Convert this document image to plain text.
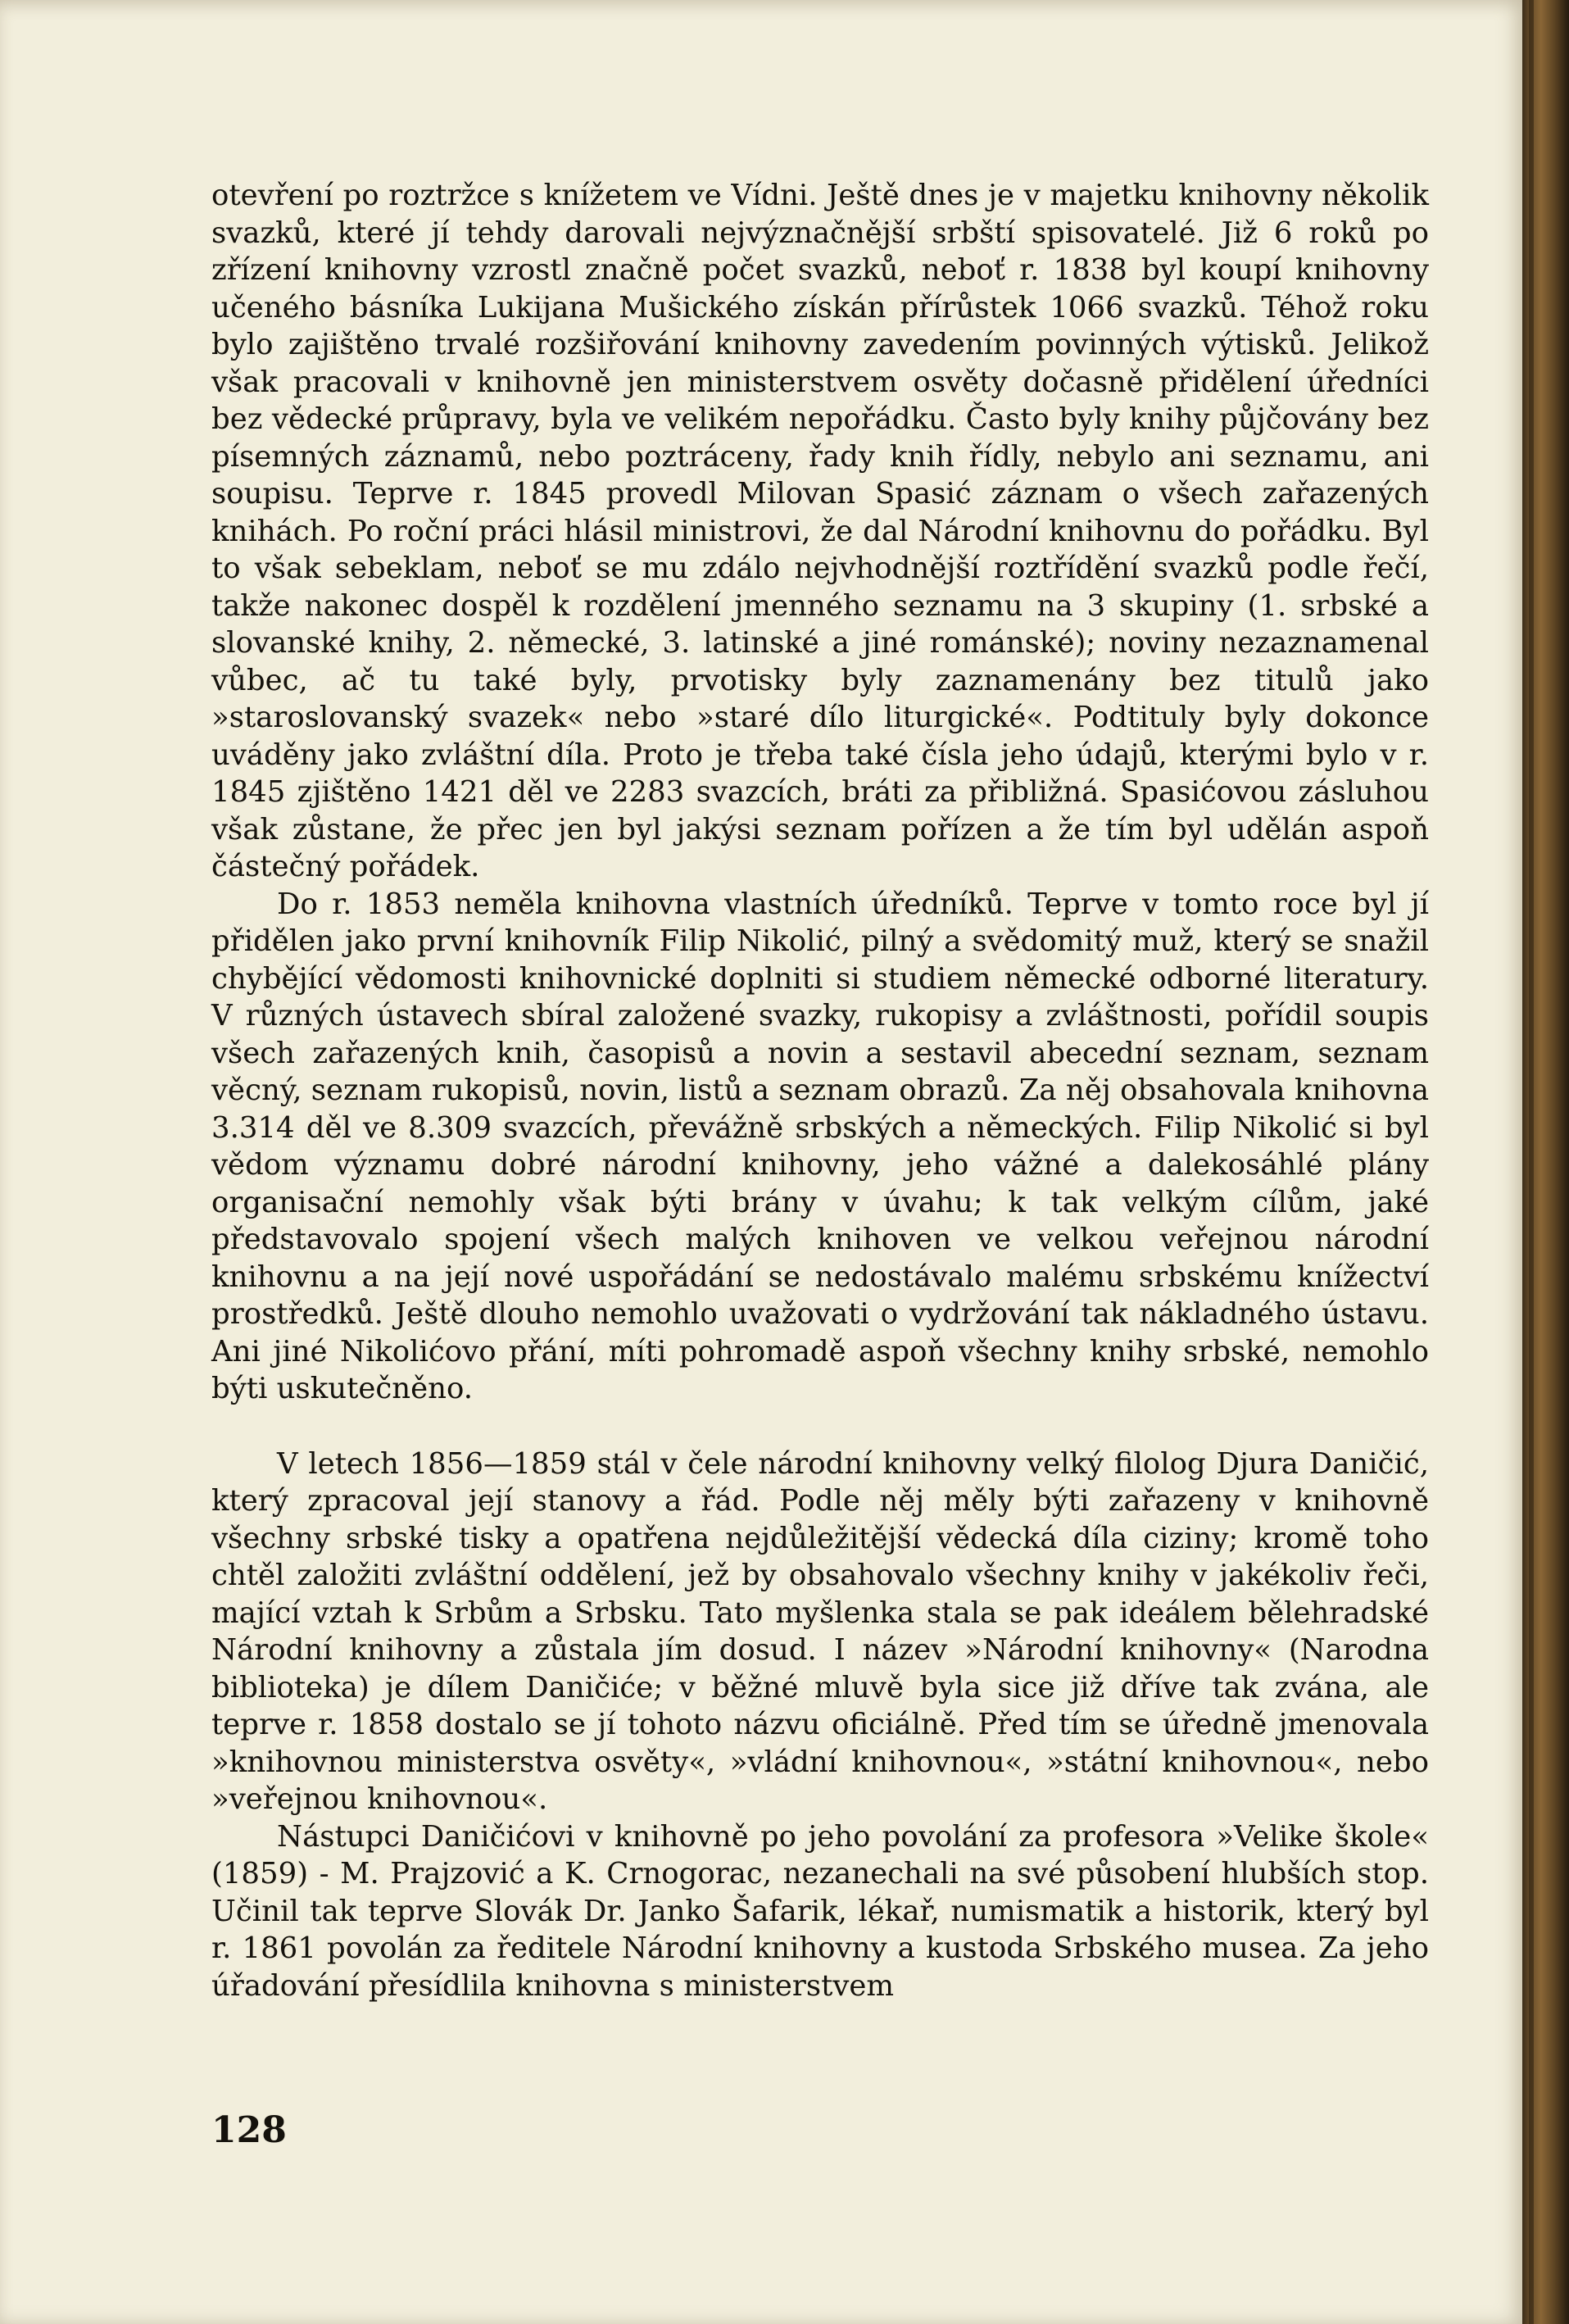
otevření po roztržce s knížetem ve Vídni. Ještě dnes je v majetku knihovny několik svazků, které jí tehdy darovali nejvýznačnější srbští spisovatelé. Již 6 roků po zřízení knihovny vzrostl značně počet svazků, neboť r. 1838 byl koupí knihovny učeného básníka Lukijana Mušického získán přírůstek 1066 svazků. Téhož roku bylo zajištěno trvalé rozšiřování knihovny zavedením povinných výtisků. Jelikož však pracovali v knihovně jen ministerstvem osvěty dočasně přidělení úředníci bez vědecké průpravy, byla ve velikém nepořádku. Často byly knihy půjčovány bez písemných záznamů, nebo poztráceny, řady knih řídly, nebylo ani seznamu, ani soupisu. Teprve r. 1845 provedl Milovan Spasić záznam o všech zařazených knihách. Po roční práci hlásil ministrovi, že dal Národní knihovnu do pořádku. Byl to však sebeklam, neboť se mu zdálo nejvhodnější roztřídění svazků podle řečí, takže nakonec dospěl k rozdělení jmenného seznamu na 3 skupiny (1. srbské a slovanské knihy, 2. německé, 3. latinské a jiné románské); noviny nezaznamenal vůbec, ač tu také byly, prvotisky byly zaznamenány bez titulů jako »staroslovanský svazek« nebo »staré dílo liturgické«. Podtituly byly dokonce uváděny jako zvláštní díla. Proto je třeba také čísla jeho údajů, kterými bylo v r. 1845 zjištěno 1421 děl ve 2283 svazcích, bráti za přibližná. Spasićovou zásluhou však zůstane, že přec jen byl jakýsi seznam pořízen a že tím byl udělán aspoň částečný pořádek.

Do r. 1853 neměla knihovna vlastních úředníků. Teprve v tomto roce byl jí přidělen jako první knihovník Filip Nikolić, pilný a svědomitý muž, který se snažil chybějící vědomosti knihovnické doplniti si studiem německé odborné literatury. V různých ústavech sbíral založené svazky, rukopisy a zvláštnosti, pořídil soupis všech zařazených knih, časopisů a novin a sestavil abecední seznam, seznam věcný, seznam rukopisů, novin, listů a seznam obrazů. Za něj obsahovala knihovna 3.314 děl ve 8.309 svazcích, převážně srbských a německých. Filip Nikolić si byl vědom významu dobré národní knihovny, jeho vážné a dalekosáhlé plány organisační nemohly však býti brány v úvahu; k tak velkým cílům, jaké představovalo spojení všech malých knihoven ve velkou veřejnou národní knihovnu a na její nové uspořádání se nedostávalo malému srbskému knížectví prostředků. Ještě dlouho nemohlo uvažovati o vydržování tak nákladného ústavu. Ani jiné Nikolićovo přání, míti pohromadě aspoň všechny knihy srbské, nemohlo býti uskutečněno.

V letech 1856—1859 stál v čele národní knihovny velký filolog Djura Daničić, který zpracoval její stanovy a řád. Podle něj měly býti zařazeny v knihovně všechny srbské tisky a opatřena nejdůležitější vědecká díla ciziny; kromě toho chtěl založiti zvláštní oddělení, jež by obsahovalo všechny knihy v jakékoliv řeči, mající vztah k Srbům a Srbsku. Tato myšlenka stala se pak ideálem bělehradské Národní knihovny a zůstala jím dosud. I název »Národní knihovny« (Narodna biblioteka) je dílem Daničiće; v běžné mluvě byla sice již dříve tak zvána, ale teprve r. 1858 dostalo se jí tohoto názvu oficiálně. Před tím se úředně jmenovala »knihovnou ministerstva osvěty«, »vládní knihovnou«, »státní knihovnou«, nebo »veřejnou knihovnou«.

Nástupci Daničićovi v knihovně po jeho povolání za profesora »Velike škole« (1859) - M. Prajzović a K. Crnogorac, nezanechali na své působení hlubších stop. Učinil tak teprve Slovák Dr. Janko Šafarik, lékař, numismatik a historik, který byl r. 1861 povolán za ředitele Národní knihovny a kustoda Srbského musea. Za jeho úřadování přesídlila knihovna s ministerstvem

128
